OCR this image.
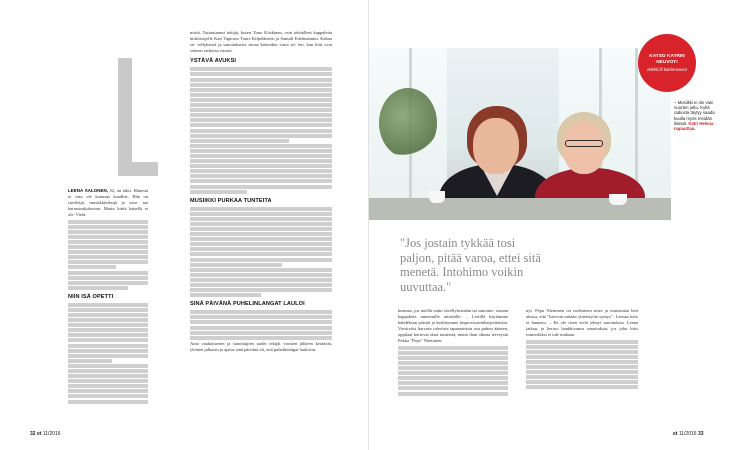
LEENA SALONEN, 52, on tähti. Hänestä ei vain ole kuuman kaudlue. Hän on säveltäjä, musiikkiteksijä ja sota- taa harrastuskokoonn. Mutta hittiä hänellä ei ole. Vielä.

NIIN ISÄ OPETTI

misiä. Tuttuutanusi tekijät, kuten Timo Kiiskinen, ovat tehtailleet kappaleita hittilistojelle Kari Tapiosta Tuure Kilpeläiseen ja Samuli Edelmanniin. Kahua sä- vellyksistä ja sanoituksista irtoaa kuitenkin vasta sit- ten, kun hitti ovat soineet radiossa vuosia.

YSTÄVÄ AVUKSI
MUSIIKKI PURKAA TUNTEITA
SINÄ PÄIVÄNÄ PUHELINLANGAT LAULOI

Aina vaakuttavien ja sanoittajien uudet tekijät vuosien jälkeen keräävät, yleinen julkaisu ja ajatus sinä päivänä oli, että puhelinlangat lauloivat.

32 et 11/2016
KATSO KATRIN NEUVOT!
etlehti.fi/ katrinneuvot
– Musiikki ei ole vain nuorten juttu. Kyllä radiosta täytyy saada kuulla myös meidän ikäisiä. Katri Helena napauttaa.
"Jos jostain tykkää tosi paljon, pitää varoa, ettei sitä menetä. Intohimo voikin uuvuttaa."

keamus, jos meillä ontin sävellyksistään tai sanoitus- sistaan kappaleita tunnetuille artisteille. – Leirillä käytämme kahdeksan päivää ja keskitymme improvisointiharjoitteisiin. Viestiviisi harvoin tulevista tapaamisista osa puhuu ääneen, oppilaat kertovat tästä tunteista, mutta ihan oikeaa terveystä Pekka "Pepe" Nieminen.

nyt. Pepu Nieminen on realistinen mies ja muistuttaa heti alussa, että "harvoin mitään yhteistyötä syntyy". Leenaa tieto ei lannistu. – En ole itsen vielä tehnyt sanoituksia. Leena jatkaa, ja kertoo hankkivansa sanoituksia, jos joku biisi esimerkiksi ei tule mukaan.

et 11/2016 33
